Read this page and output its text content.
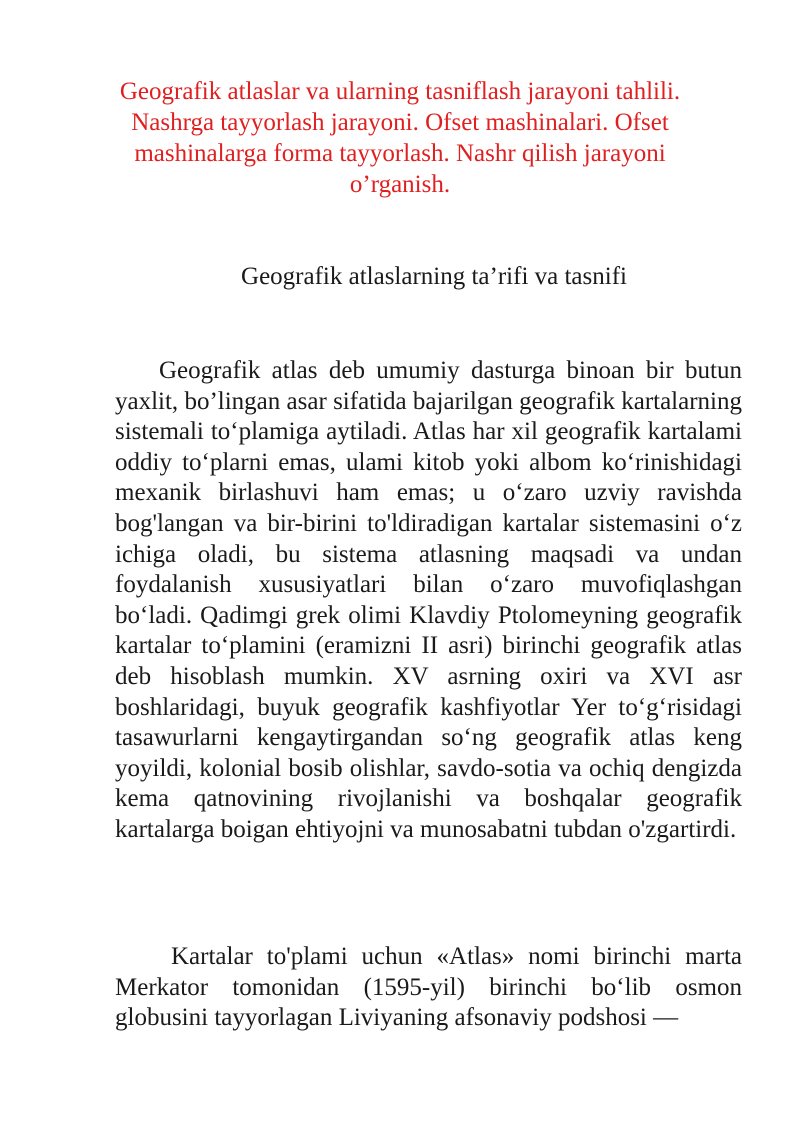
Geografik atlaslar va ularning tasniflash jarayoni tahlili. Nashrga tayyorlash jarayoni. Ofset mashinalari. Ofset mashinalarga forma tayyorlash. Nashr qilish jarayoni o’rganish.
Geografik atlaslarning ta’rifi va tasnifi

Geografik atlas deb umumiy dasturga binoan bir butun yaxlit, bo’lingan asar sifatida bajarilgan geografik kartalarning sistemali to‘plamiga aytiladi. Atlas har xil geografik kartalami oddiy to‘plarni emas, ulami kitob yoki albom ko‘rinishidagi mexanik birlashuvi ham emas; u o‘zaro uzviy ravishda bog'langan va bir-birini to'ldiradigan kartalar sistemasini o‘z ichiga oladi, bu sistema atlasning maqsadi va undan foydalanish xususiyatlari bilan o‘zaro muvofiqlashgan bo‘ladi. Qadimgi grek olimi Klavdiy Ptolomeyning geografik kartalar to‘plamini (eramizni II asri) birinchi geografik atlas deb hisoblash mumkin. XV asrning oxiri va XVI asr boshlaridagi, buyuk geografik kashfiyotlar Yer to‘g‘risidagi tasawurlarni kengaytirgandan so‘ng geografik atlas keng yoyildi, kolonial bosib olishlar, savdo-sotia va ochiq dengizda kema qatnovining rivojlanishi va boshqalar geografik kartalarga boigan ehtiyojni va munosabatni tubdan o'zgartirdi.

Kartalar to'plami uchun «Atlas» nomi birinchi marta Merkator tomonidan (1595-yil) birinchi bo‘lib osmon globusini tayyorlagan Liviyaning afsonaviy podshosi —
